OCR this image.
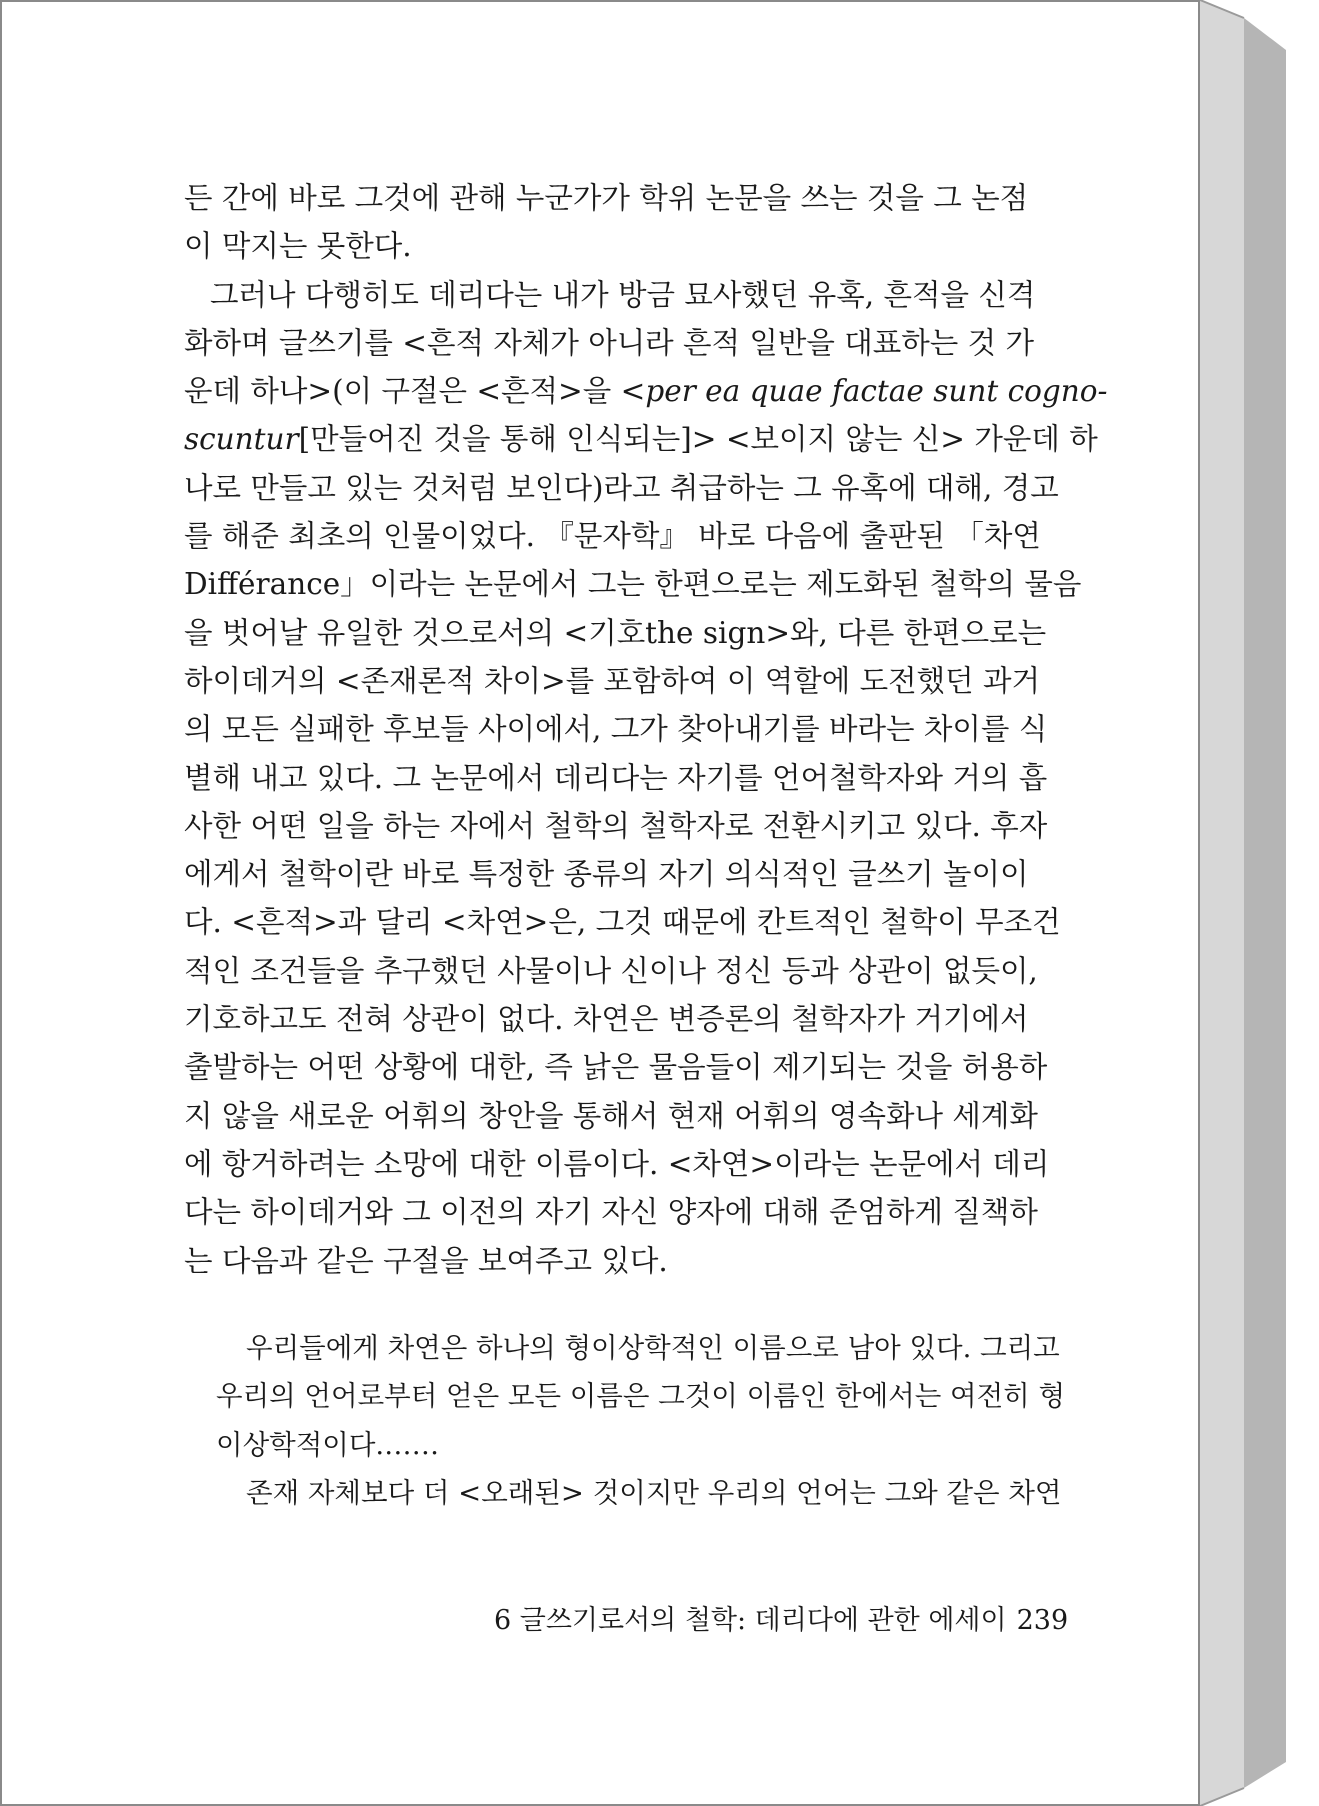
든 간에 바로 그것에 관해 누군가가 학위 논문을 쓰는 것을 그 논점
이 막지는 못한다.
그러나 다행히도 데리다는 내가 방금 묘사했던 유혹, 흔적을 신격
화하며 글쓰기를 <흔적 자체가 아니라 흔적 일반을 대표하는 것 가
운데 하나>(이 구절은 <흔적>을 <per ea quae factae sunt cogno-
scuntur[만들어진 것을 통해 인식되는]> <보이지 않는 신> 가운데 하
나로 만들고 있는 것처럼 보인다)라고 취급하는 그 유혹에 대해, 경고
를 해준 최초의 인물이었다. 『문자학』 바로 다음에 출판된 「차연
Différance」이라는 논문에서 그는 한편으로는 제도화된 철학의 물음
을 벗어날 유일한 것으로서의 <기호the sign>와, 다른 한편으로는
하이데거의 <존재론적 차이>를 포함하여 이 역할에 도전했던 과거
의 모든 실패한 후보들 사이에서, 그가 찾아내기를 바라는 차이를 식
별해 내고 있다. 그 논문에서 데리다는 자기를 언어철학자와 거의 흡
사한 어떤 일을 하는 자에서 철학의 철학자로 전환시키고 있다. 후자
에게서 철학이란 바로 특정한 종류의 자기 의식적인 글쓰기 놀이이
다. <흔적>과 달리 <차연>은, 그것 때문에 칸트적인 철학이 무조건
적인 조건들을 추구했던 사물이나 신이나 정신 등과 상관이 없듯이,
기호하고도 전혀 상관이 없다. 차연은 변증론의 철학자가 거기에서
출발하는 어떤 상황에 대한, 즉 낡은 물음들이 제기되는 것을 허용하
지 않을 새로운 어휘의 창안을 통해서 현재 어휘의 영속화나 세계화
에 항거하려는 소망에 대한 이름이다. <차연>이라는 논문에서 데리
다는 하이데거와 그 이전의 자기 자신 양자에 대해 준엄하게 질책하
는 다음과 같은 구절을 보여주고 있다.
우리들에게 차연은 하나의 형이상학적인 이름으로 남아 있다. 그리고
우리의 언어로부터 얻은 모든 이름은 그것이 이름인 한에서는 여전히 형
이상학적이다.……
존재 자체보다 더 <오래된> 것이지만 우리의 언어는 그와 같은 차연
6 글쓰기로서의 철학: 데리다에 관한 에세이 239
